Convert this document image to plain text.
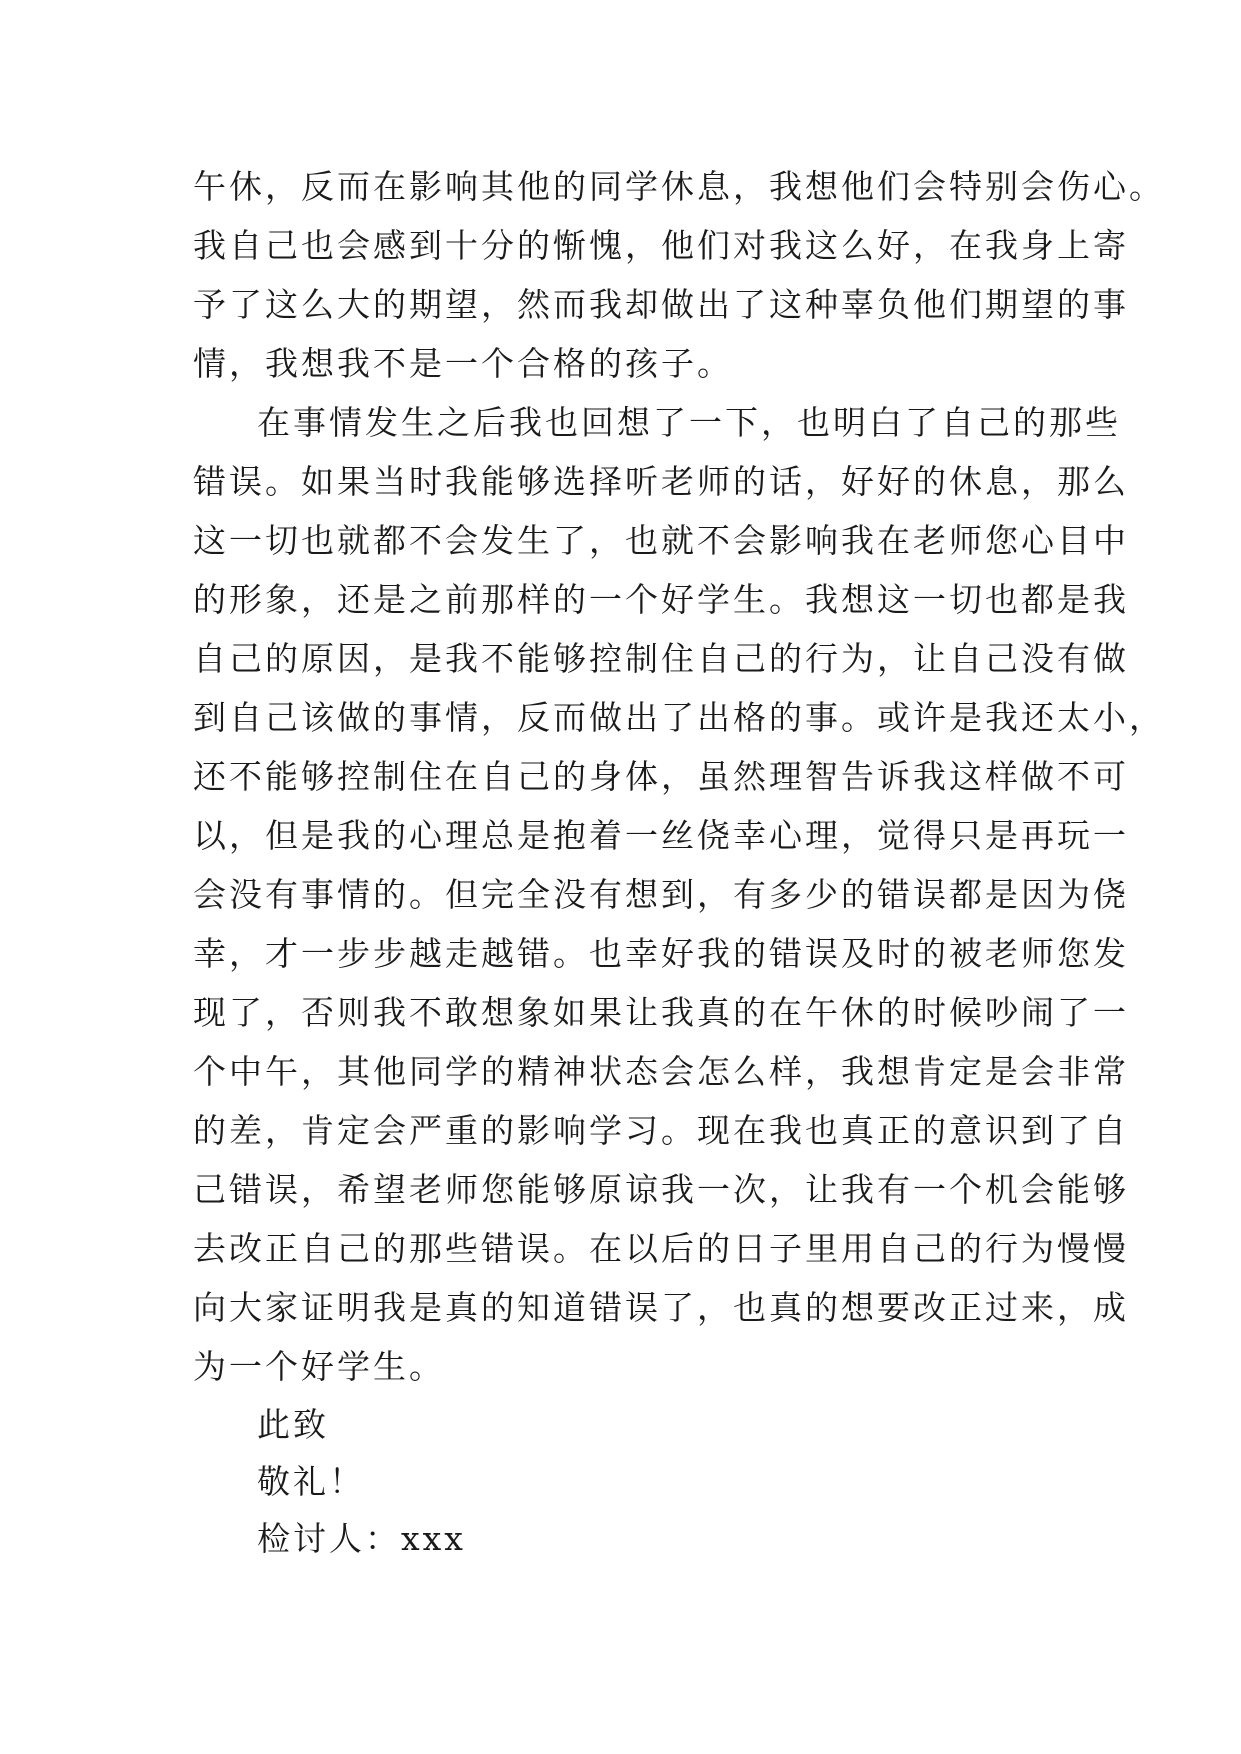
午休，反而在影响其他的同学休息，我想他们会特别会伤心。
我自己也会感到十分的惭愧，他们对我这么好，在我身上寄
予了这么大的期望，然而我却做出了这种辜负他们期望的事
情，我想我不是一个合格的孩子。
在事情发生之后我也回想了一下，也明白了自己的那些
错误。如果当时我能够选择听老师的话，好好的休息，那么
这一切也就都不会发生了，也就不会影响我在老师您心目中
的形象，还是之前那样的一个好学生。我想这一切也都是我
自己的原因，是我不能够控制住自己的行为，让自己没有做
到自己该做的事情，反而做出了出格的事。或许是我还太小，
还不能够控制住在自己的身体，虽然理智告诉我这样做不可
以，但是我的心理总是抱着一丝侥幸心理，觉得只是再玩一
会没有事情的。但完全没有想到，有多少的错误都是因为侥
幸，才一步步越走越错。也幸好我的错误及时的被老师您发
现了，否则我不敢想象如果让我真的在午休的时候吵闹了一
个中午，其他同学的精神状态会怎么样，我想肯定是会非常
的差，肯定会严重的影响学习。现在我也真正的意识到了自
己错误，希望老师您能够原谅我一次，让我有一个机会能够
去改正自己的那些错误。在以后的日子里用自己的行为慢慢
向大家证明我是真的知道错误了，也真的想要改正过来，成
为一个好学生。
此致
敬礼！
检讨人：xxx
